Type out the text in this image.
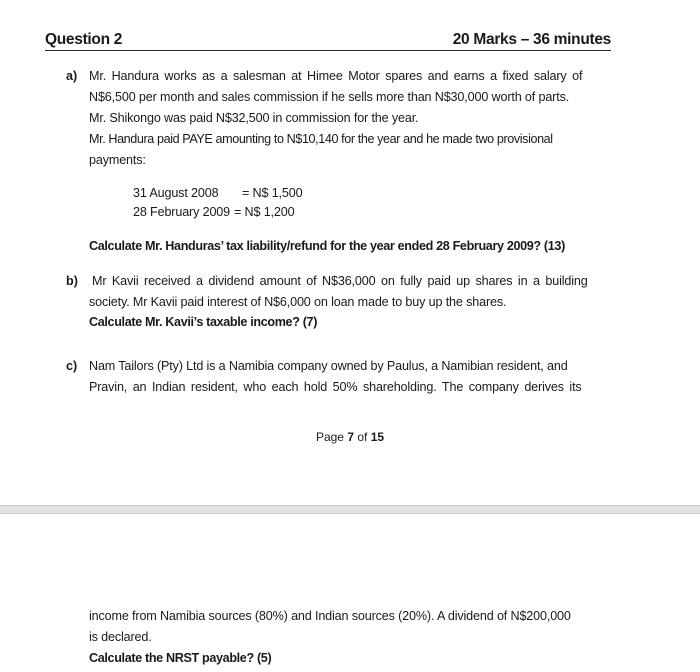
Question 2	20 Marks – 36 minutes
a) Mr. Handura works as a salesman at Himee Motor spares and earns a fixed salary of
N$6,500 per month and sales commission if he sells more than N$30,000 worth of parts.
Mr. Shikongo was paid N$32,500 in commission for the year.
Mr. Handura paid PAYE amounting to N$10,140 for the year and he made two provisional
payments:
31 August 2008 = N$ 1,500
28 February 2009 = N$ 1,200
Calculate Mr. Handuras’ tax liability/refund for the year ended 28 February 2009? (13)
b) Mr Kavii received a dividend amount of N$36,000 on fully paid up shares in a building
society. Mr Kavii paid interest of N$6,000 on loan made to buy up the shares.
Calculate Mr. Kavii’s taxable income? (7)
c) Nam Tailors (Pty) Ltd is a Namibia company owned by Paulus, a Namibian resident, and
Pravin, an Indian resident, who each hold 50% shareholding. The company derives its
Page 7 of 15
income from Namibia sources (80%) and Indian sources (20%). A dividend of N$200,000
is declared.
Calculate the NRST payable? (5)
